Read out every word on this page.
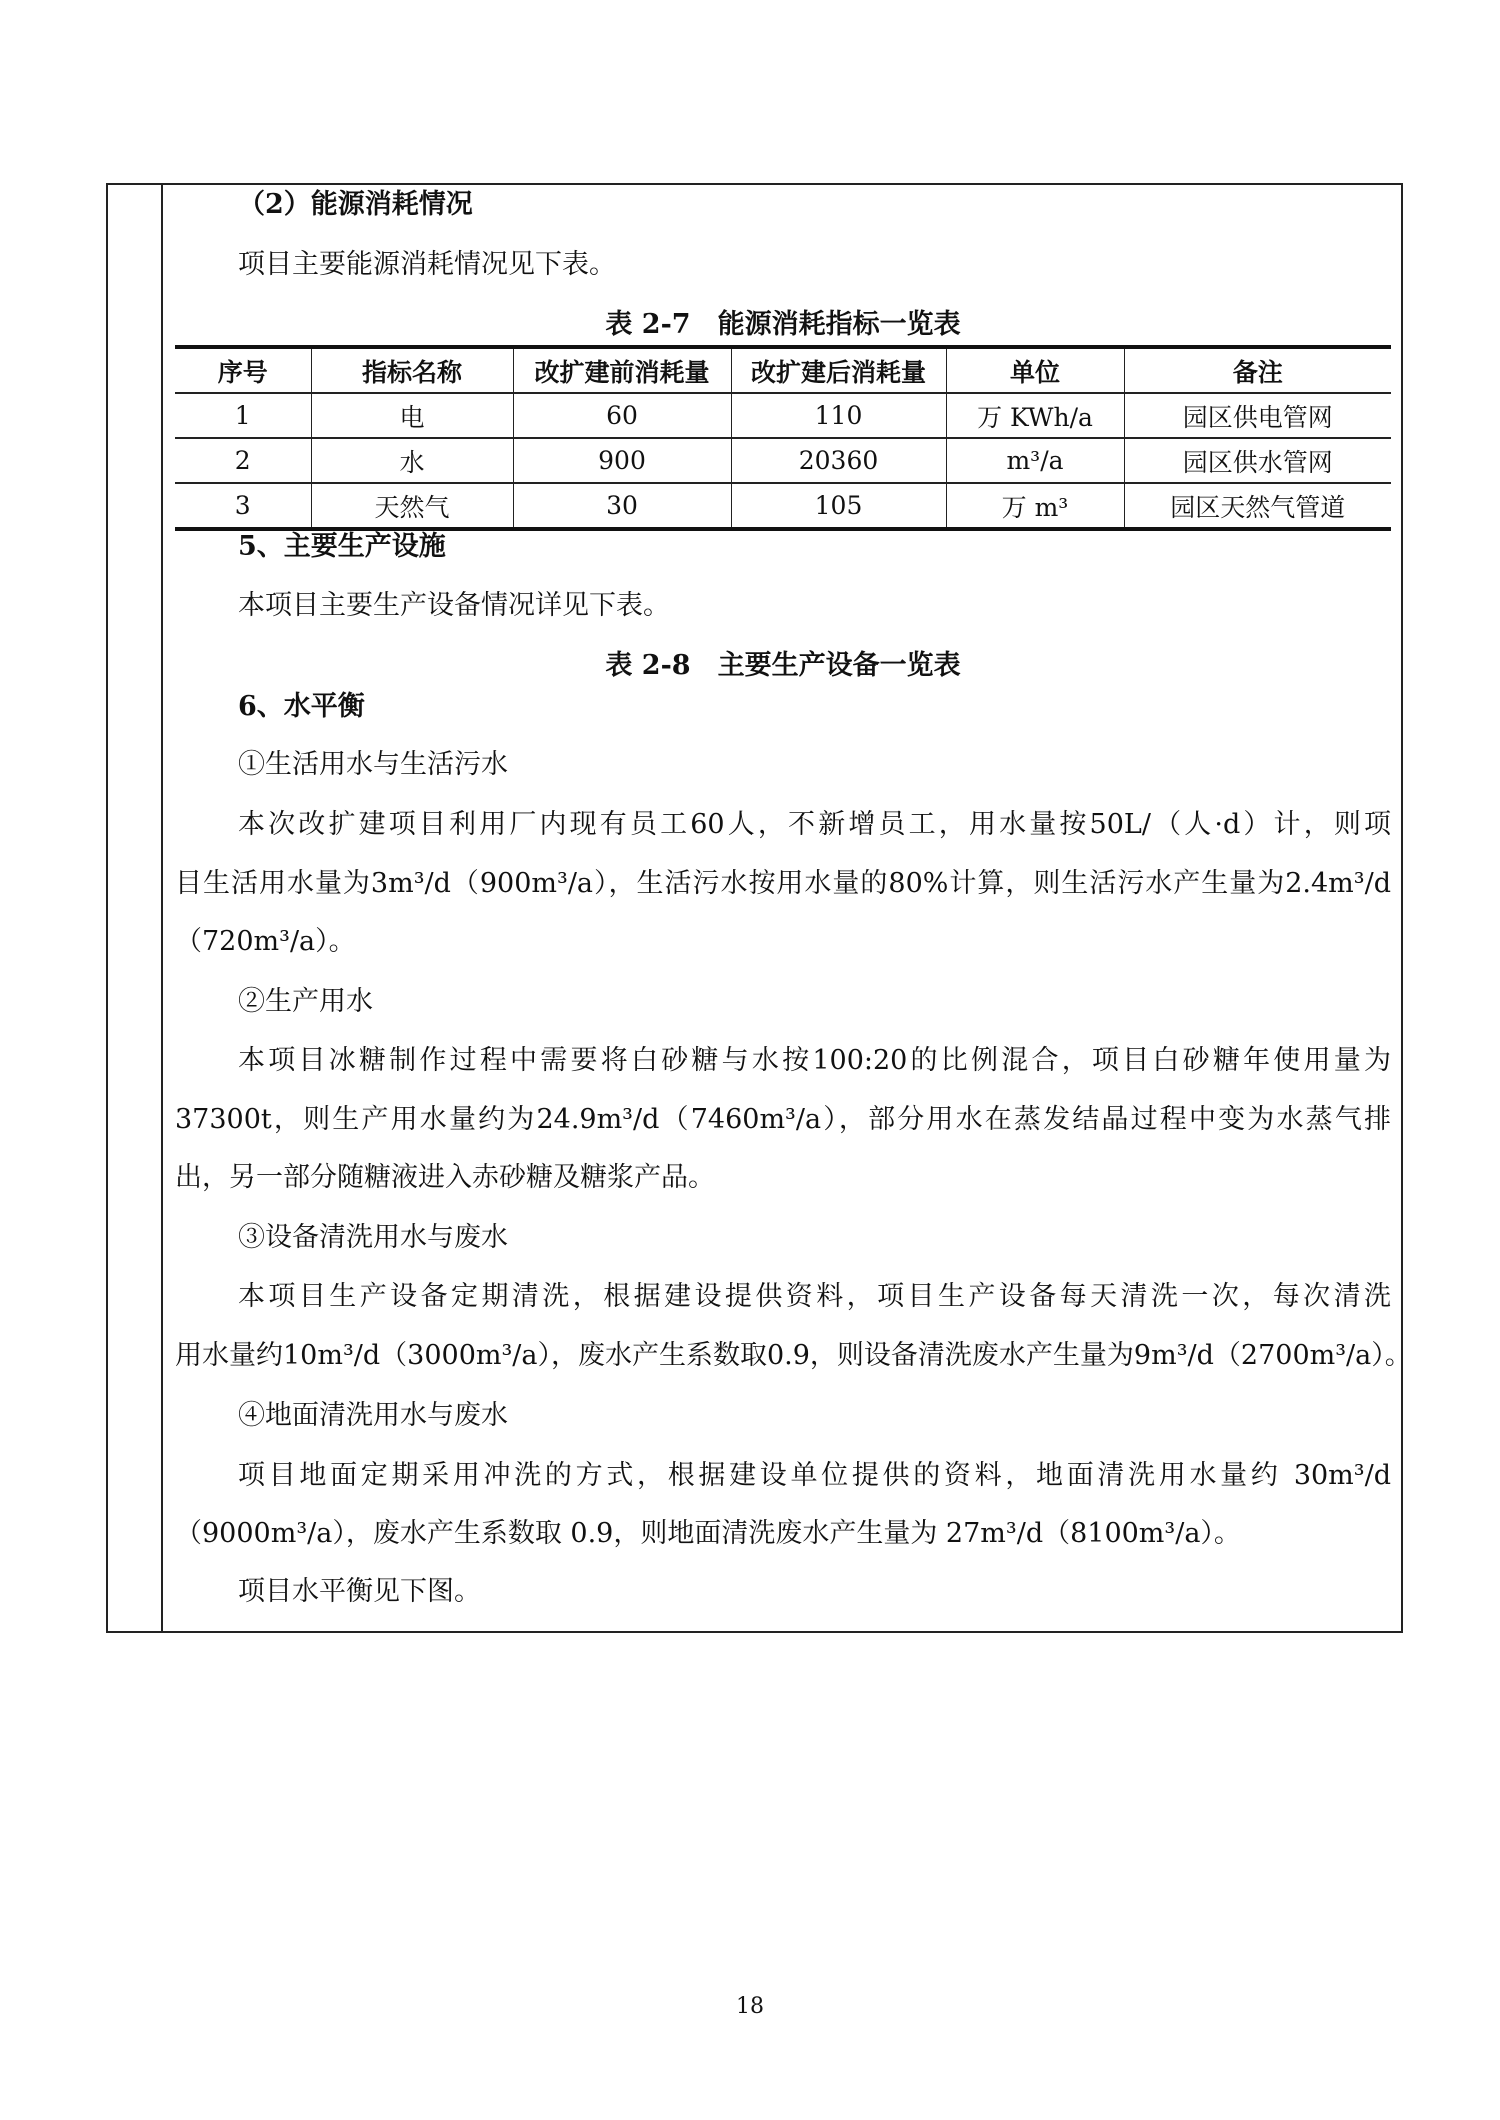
（2）能源消耗情况
项目主要能源消耗情况见下表。
表 2-7　能源消耗指标一览表
序号	指标名称	改扩建前消耗量	改扩建后消耗量	单位	备注
1	电	60	110	万 KWh/a	园区供电管网
2	水	900	20360	m³/a	园区供水管网
3	天然气	30	105	万 m³	园区天然气管道
5、主要生产设施
本项目主要生产设备情况详见下表。
表 2-8　主要生产设备一览表
6、水平衡
①生活用水与生活污水
本次改扩建项目利用厂内现有员工60人，不新增员工，用水量按50L/（人·d）计，则项
目生活用水量为3m³/d（900m³/a），生活污水按用水量的80%计算，则生活污水产生量为2.4m³/d
（720m³/a）。
②生产用水
本项目冰糖制作过程中需要将白砂糖与水按100:20的比例混合，项目白砂糖年使用量为
37300t，则生产用水量约为24.9m³/d（7460m³/a），部分用水在蒸发结晶过程中变为水蒸气排
出，另一部分随糖液进入赤砂糖及糖浆产品。
③设备清洗用水与废水
本项目生产设备定期清洗，根据建设提供资料，项目生产设备每天清洗一次，每次清洗
用水量约10m³/d（3000m³/a），废水产生系数取0.9，则设备清洗废水产生量为9m³/d（2700m³/a）。
④地面清洗用水与废水
项目地面定期采用冲洗的方式，根据建设单位提供的资料，地面清洗用水量约 30m³/d
（9000m³/a），废水产生系数取 0.9，则地面清洗废水产生量为 27m³/d（8100m³/a）。
项目水平衡见下图。
18
